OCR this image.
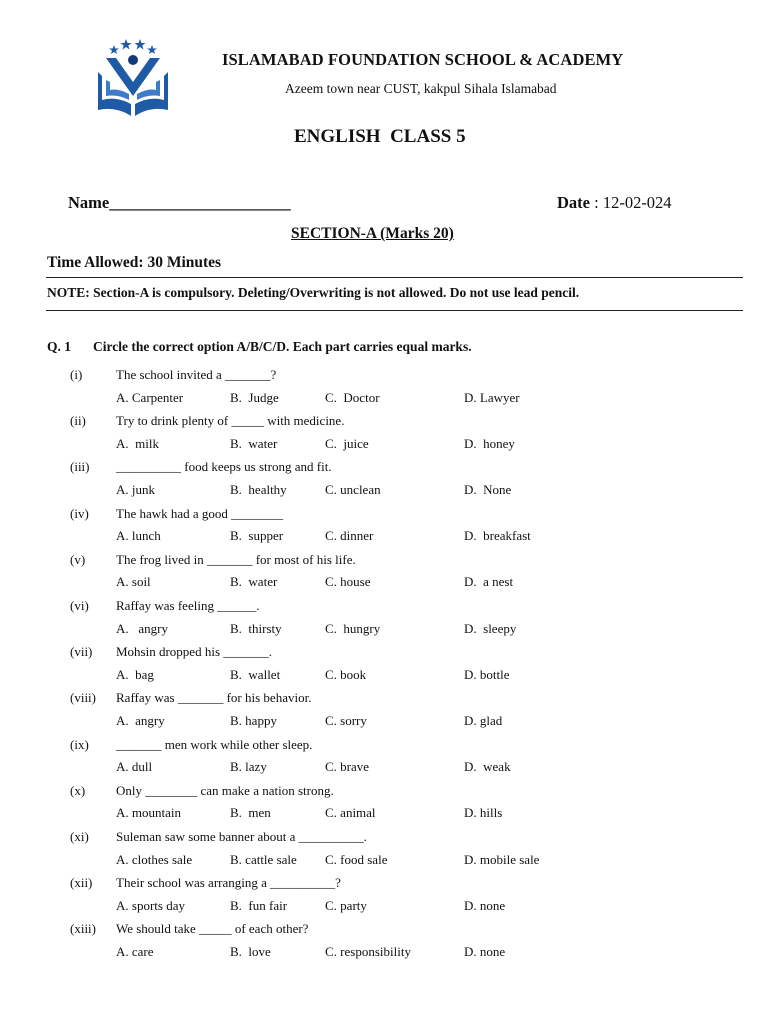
ISLAMABAD FOUNDATION SCHOOL & ACADEMY
Azeem town near CUST, kakpul Sihala Islamabad
ENGLISH  CLASS 5
Name______________________	Date : 12-02-024
SECTION-A (Marks 20)
Time Allowed: 30 Minutes
NOTE: Section-A is compulsory. Deleting/Overwriting is not allowed. Do not use lead pencil.
Q. 1 Circle the correct option A/B/C/D. Each part carries equal marks.
(i)	The school invited a _______?
A. Carpenter	B.  Judge	C.  Doctor	D. Lawyer
(ii) Try to drink plenty of _____ with medicine.
A.  milk	B.  water	C.  juice	D.  honey
(iii) __________ food keeps us strong and fit.
A. junk	B.  healthy	C. unclean	D.  None
(iv) The hawk had a good ________
A. lunch	B.  supper	C. dinner	D.  breakfast
(v) The frog lived in _______ for most of his life.
A. soil	B.  water	C. house	D.  a nest
(vi) Raffay was feeling ______.
A.   angry	B.  thirsty	C.  hungry	D.  sleepy
(vii) Mohsin dropped his _______.
A.  bag	B.  wallet	C. book	D. bottle
(viii) Raffay was _______ for his behavior.
A.  angry	B. happy	C. sorry	D. glad
(ix) _______ men work while other sleep.
A. dull	B. lazy	C. brave	D.  weak
(x) Only ________ can make a nation strong.
A. mountain	B.  men	C. animal	D. hills
(xi) Suleman saw some banner about a __________.
A. clothes sale	B. cattle sale C. food sale	D. mobile sale
(xii) Their school was arranging a __________?
A. sports day	B.  fun fair	C. party	D. none
(xiii) We should take _____ of each other?
A. care	B.  love	C. responsibility	D. none
